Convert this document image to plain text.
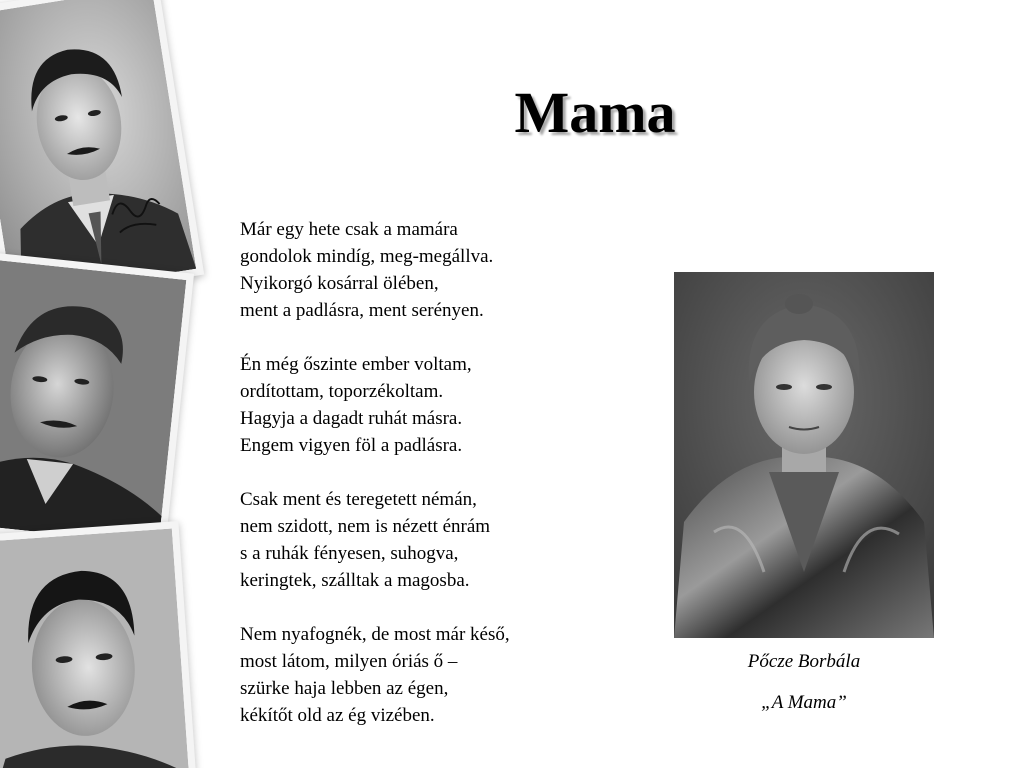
Mama
Már egy hete csak a mamára
gondolok mindíg, meg-megállva.
Nyikorgó kosárral ölében,
ment a padlásra, ment serényen.
Én még őszinte ember voltam,
ordítottam, toporzékoltam.
Hagyja a dagadt ruhát másra.
Engem vigyen föl a padlásra.
Csak ment és teregetett némán,
nem szidott, nem is nézett énrám
s a ruhák fényesen, suhogva,
keringtek, szálltak a magosba.
Nem nyafognék, de most már késő,
most látom, milyen óriás ő –
szürke haja lebben az égen,
kékítőt old az ég vizében.
Pőcze Borbála
„A Mama”
